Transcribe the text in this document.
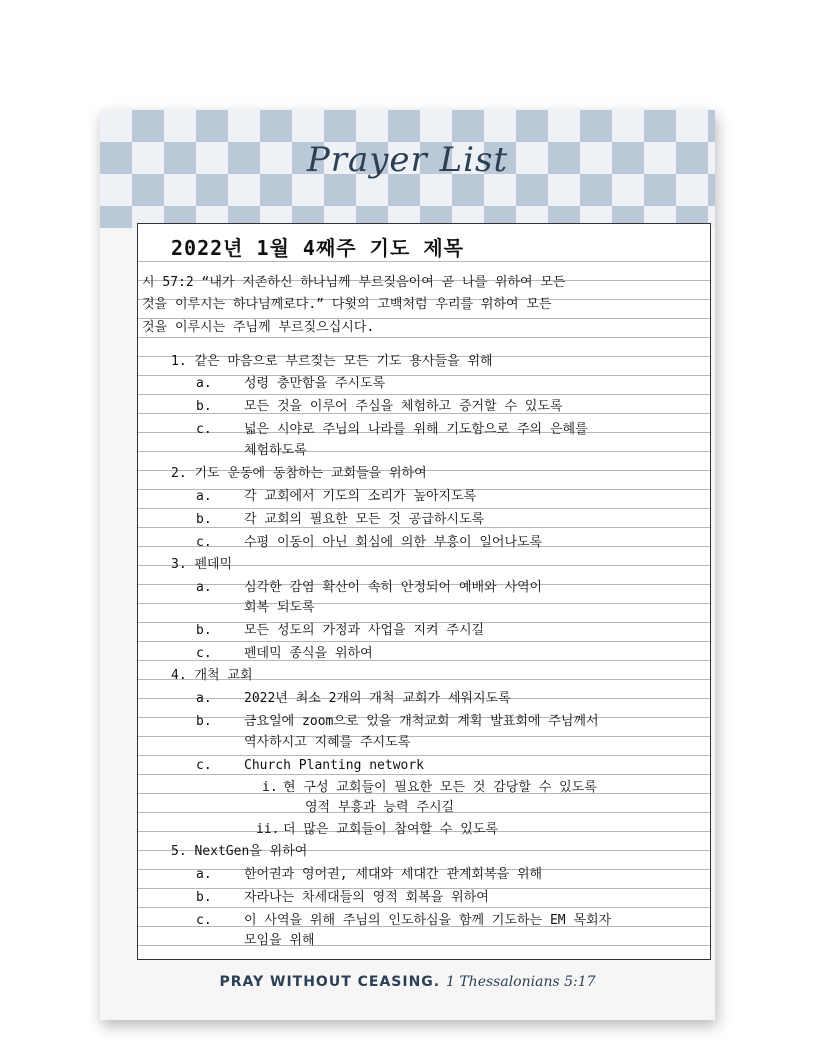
Prayer List
2022년 1월 4째주 기도 제목
시 57:2 “내가 지존하신 하나님께 부르짖음이여 곧 나를 위하여 모든
것을 이루시는 하나님께로다.” 다윗의 고백처럼 우리를 위하여 모든
것을 이루시는 주님께 부르짖으십시다.
1. 같은 마음으로 부르짖는 모든 기도 용사들을 위해
a. 성령 충만함을 주시도록
b. 모든 것을 이루어 주심을 체험하고 증거할 수 있도록
c. 넓은 시야로 주님의 나라를 위해 기도함으로 주의 은혜를
체험하도록
2. 기도 운동에 동참하는 교회들을 위하여
a. 각 교회에서 기도의 소리가 높아지도록
b. 각 교회의 필요한 모든 것 공급하시도록
c. 수평 이동이 아닌 회심에 의한 부흥이 일어나도록
3. 펜데믹
a. 심각한 감염 확산이 속히 안정되어 예배와 사역이
회복 되도록
b. 모든 성도의 가정과 사업을 지켜 주시길
c. 펜데믹 종식을 위하여
4. 개척 교회
a. 2022년 최소 2개의 개척 교회가 세워지도록
b. 금요일에 zoom으로 있을 개척교회 계획 발표회에 주님께서
역사하시고 지혜를 주시도록
c. Church Planting network
i. 현 구성 교회들이 필요한 모든 것 감당할 수 있도록
영적 부흥과 능력 주시길
ii. 더 많은 교회들이 참여할 수 있도록
5. NextGen을 위하여
a. 한어권과 영어권, 세대와 세대간 관계회복을 위해
b. 자라나는 차세대들의 영적 회복을 위하여
c. 이 사역을 위해 주님의 인도하심을 함께 기도하는 EM 목회자
모임을 위해
PRAY WITHOUT CEASING. 1 Thessalonians 5:17
